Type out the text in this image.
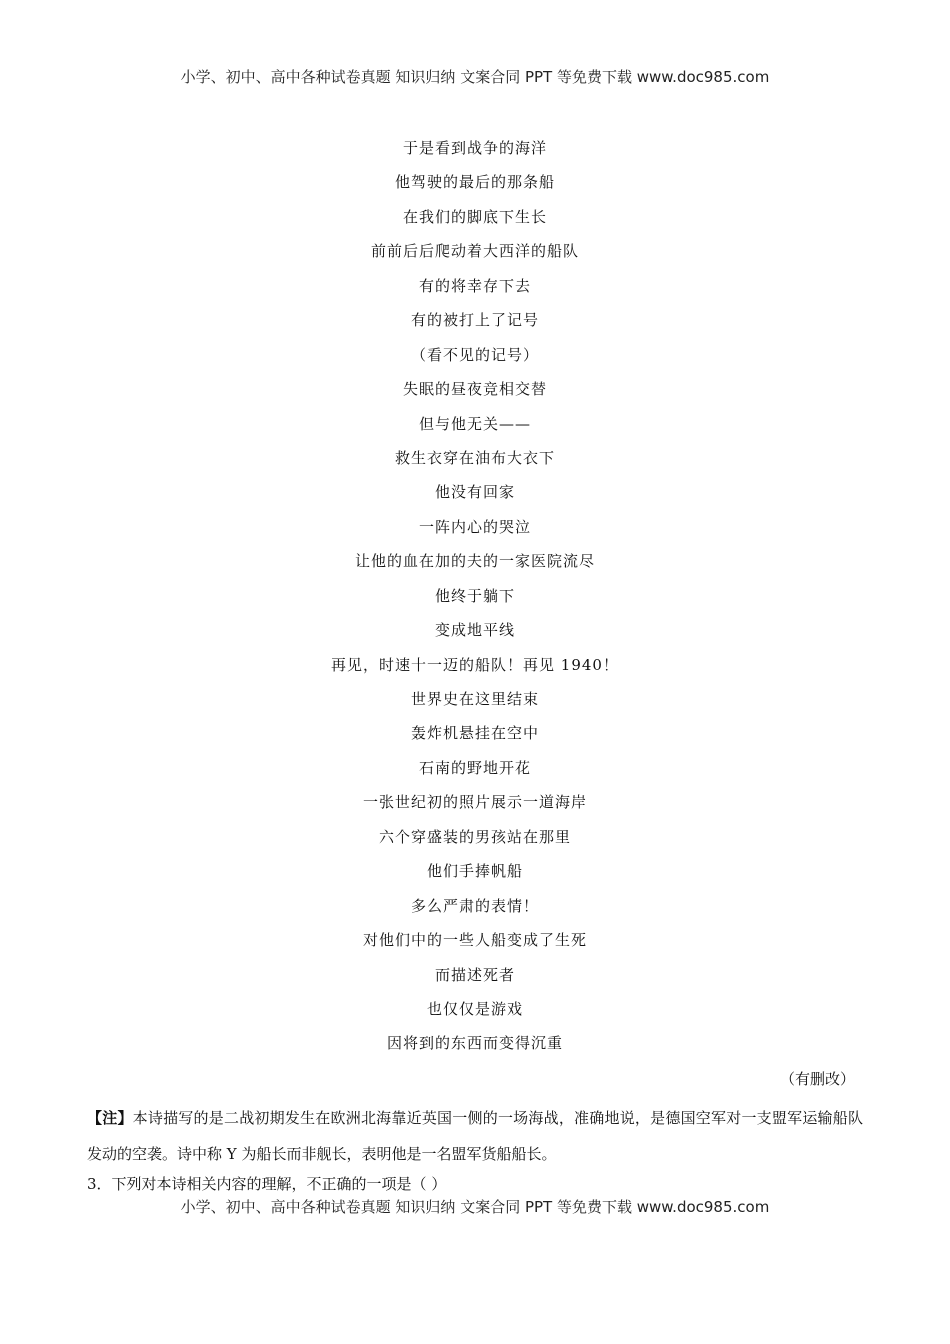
小学、初中、高中各种试卷真题 知识归纳 文案合同 PPT 等免费下载 www.doc985.com
于是看到战争的海洋
他驾驶的最后的那条船
在我们的脚底下生长
前前后后爬动着大西洋的船队
有的将幸存下去
有的被打上了记号
（看不见的记号）
失眠的昼夜竞相交替
但与他无关——
救生衣穿在油布大衣下
他没有回家
一阵内心的哭泣
让他的血在加的夫的一家医院流尽
他终于躺下
变成地平线
再见，时速十一迈的船队！再见 1940！
世界史在这里结束
轰炸机悬挂在空中
石南的野地开花
一张世纪初的照片展示一道海岸
六个穿盛装的男孩站在那里
他们手捧帆船
多么严肃的表情！
对他们中的一些人船变成了生死
而描述死者
也仅仅是游戏
因将到的东西而变得沉重
（有删改）
【注】本诗描写的是二战初期发生在欧洲北海靠近英国一侧的一场海战，准确地说，是德国空军对一支盟军运输船队发动的空袭。诗中称 Y 为船长而非舰长，表明他是一名盟军货船船长。
3．下列对本诗相关内容的理解，不正确的一项是（ ）
小学、初中、高中各种试卷真题 知识归纳 文案合同 PPT 等免费下载 www.doc985.com
